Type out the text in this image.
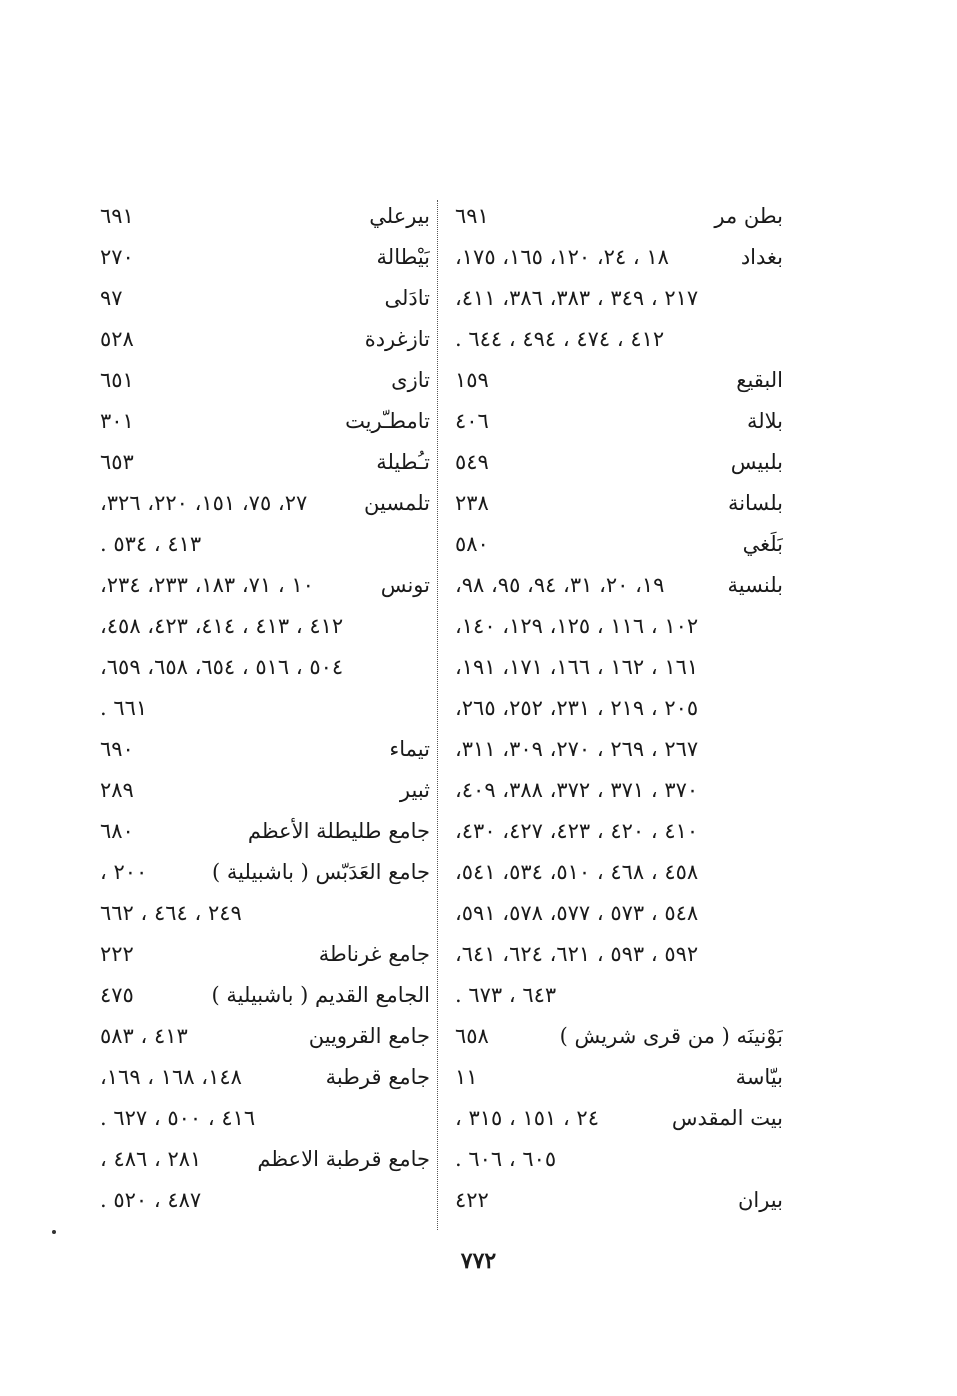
بطن مر
٦٩١
بغداد
١٨ ، ٢٤، ١٢٠، ١٦٥، ١٧٥،
٢١٧ ، ٣٤٩ ، ٣٨٣، ٣٨٦، ٤١١،
٤١٢ ، ٤٧٤ ، ٤٩٤ ، ٦٤٤ .
البقيع
١٥٩
بلالة
٤٠٦
بلبيس
٥٤٩
بلسانة
٢٣٨
بَلَغي
٥٨٠
بلنسية
١٩، ٢٠، ٣١، ٩٤، ٩٥، ٩٨،
١٠٢ ، ١١٦ ، ١٢٥، ١٢٩، ١٤٠،
١٦١ ، ١٦٢ ، ١٦٦، ١٧١، ١٩١،
٢٠٥ ، ٢١٩ ، ٢٣١، ٢٥٢، ٢٦٥،
٢٦٧ ، ٢٦٩ ، ٢٧٠، ٣٠٩، ٣١١،
٣٧٠ ، ٣٧١ ، ٣٧٢، ٣٨٨، ٤٠٩،
٤١٠ ، ٤٢٠ ، ٤٢٣، ٤٢٧، ٤٣٠،
٤٥٨ ، ٤٦٨ ، ٥١٠، ٥٣٤، ٥٤١،
٥٤٨ ، ٥٧٣ ، ٥٧٧، ٥٧٨، ٥٩١،
٥٩٢ ، ٥٩٣ ، ٦٢١، ٦٢٤، ٦٤١،
٦٤٣ ، ٦٧٣ .
بَوْنينَه ( من قرى شريش )
٦٥٨
بيّاسة
١١
بيت المقدس
٢٤ ، ١٥١ ، ٣١٥ ،
٦٠٥ ، ٦٠٦ .
بيران
٤٢٢
بيرعلي
٦٩١
بَيْطالة
٢٧٠
تادَلى
٩٧
تازغردة
٥٢٨
تازى
٦٥١
تامطـّريت
٣٠١
تـُطيلة
٦٥٣
تلمسين
٢٧، ٧٥، ١٥١، ٢٢٠، ٣٢٦،
٤١٣ ، ٥٣٤ .
تونس
١٠ ، ٧١، ١٨٣، ٢٣٣، ٢٣٤،
٤١٢ ، ٤١٣ ، ٤١٤، ٤٢٣، ٤٥٨،
٥٠٤ ، ٥١٦ ، ٦٥٤، ٦٥٨، ٦٥٩،
٦٦١ .
تيماء
٦٩٠
ثبير
٢٨٩
جامع طليطلة الأعظم
٦٨٠
جامع العَدَبّس ( باشبيلية )
٢٠٠ ،
٢٤٩ ، ٤٦٤ ، ٦٦٢
جامع غرناطة
٢٢٢
الجامع القديم ( باشبيلية )
٤٧٥
جامع القرويين
٤١٣ ، ٥٨٣
جامع قرطبة
١٤٨، ١٦٨ ، ١٦٩،
٤١٦ ، ٥٠٠ ، ٦٢٧ .
جامع قرطبة الاعظم
٢٨١ ، ٤٨٦ ،
٤٨٧ ، ٥٢٠ .
٧٧٢
